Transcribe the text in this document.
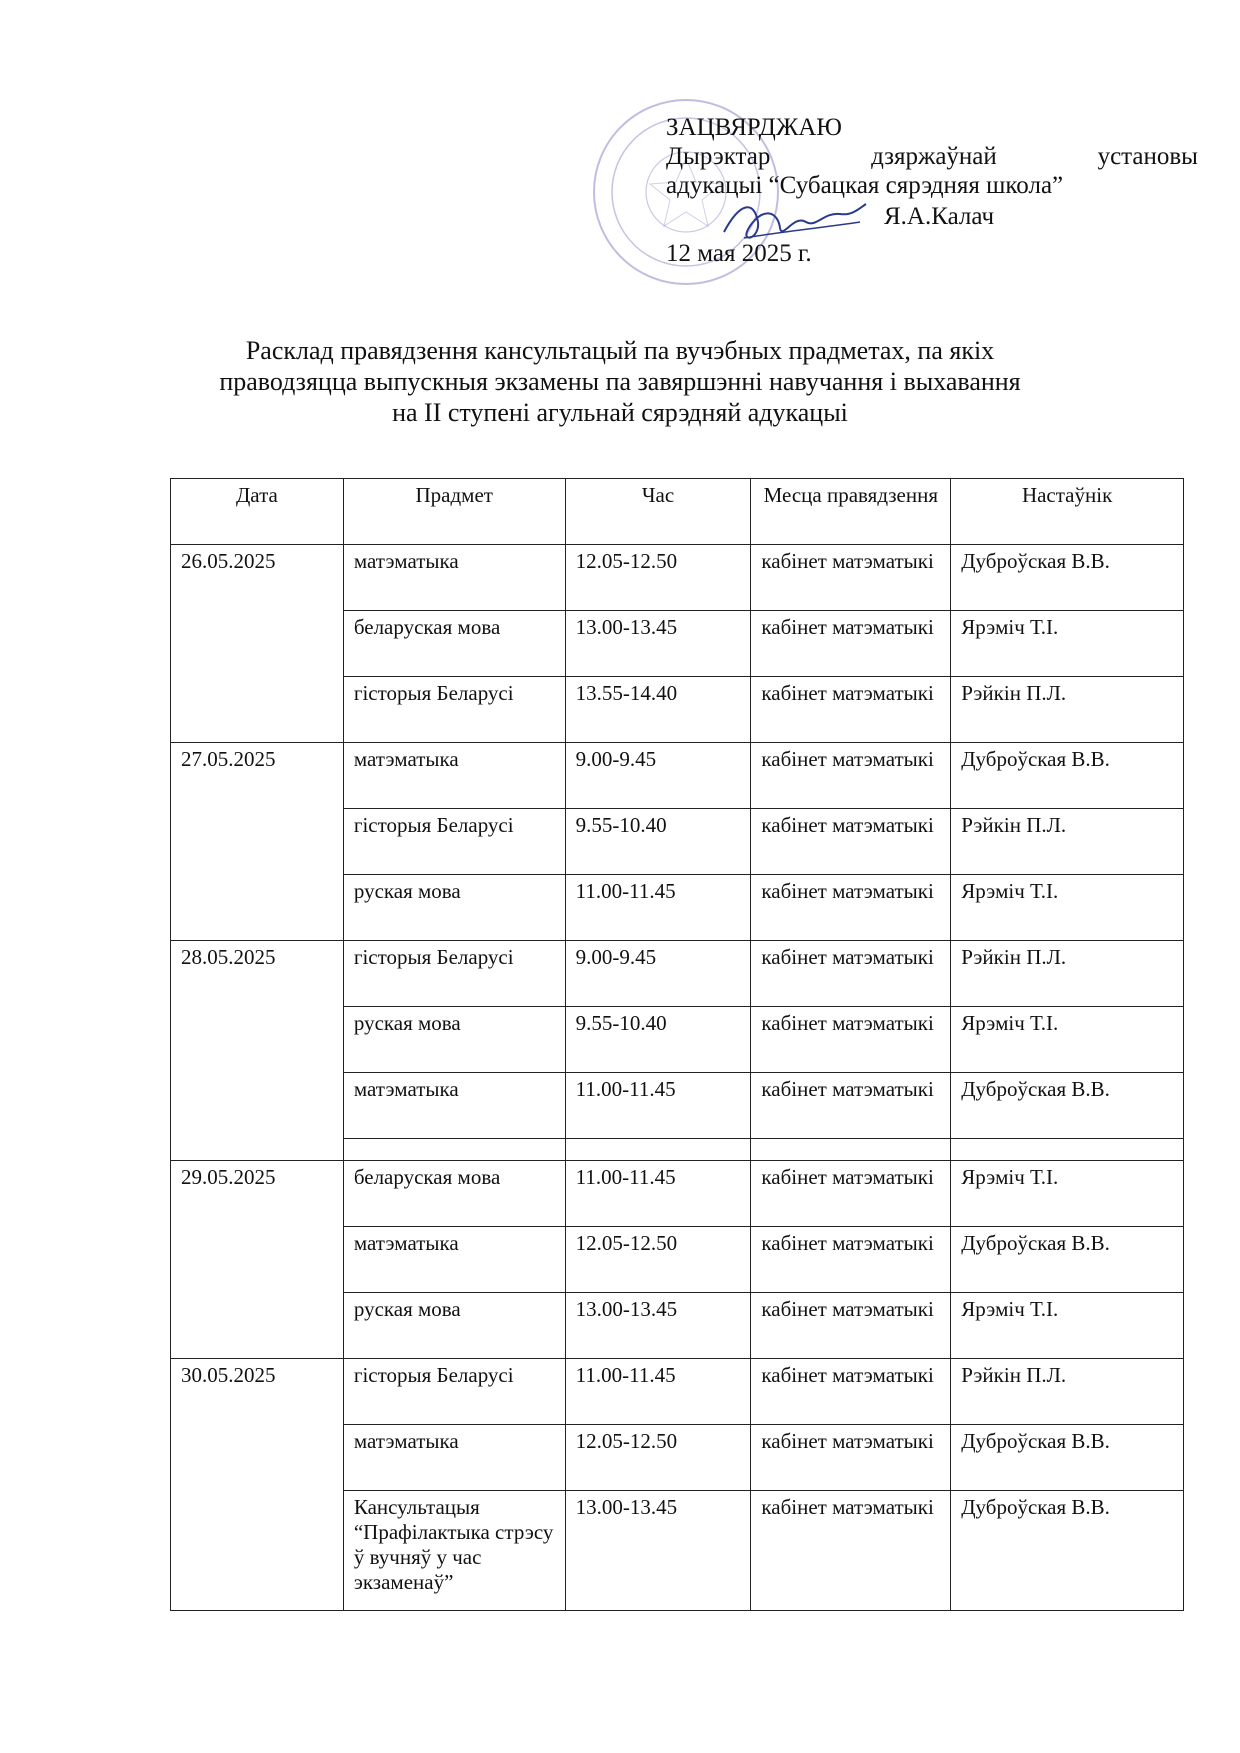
ЗАЦВЯРДЖАЮ
Дырэктар	дзяржаўнай	установы
адукацыі “Субацкая сярэдняя школа”
Я.А.Калач
12 мая 2025 г.
Расклад правядзення кансультацый па вучэбных прадметах, па якіх
праводзяцца выпускныя экзамены па завяршэнні навучання і выхавання
на II ступені агульнай сярэдняй адукацыі
Дата	Прадмет	Час	Месца правядзення	Настаўнік
26.05.2025	матэматыка	12.05-12.50	кабінет матэматыкі	Дуброўская В.В.
	беларуская мова	13.00-13.45	кабінет матэматыкі	Ярэміч Т.І.
	гісторыя Беларусі	13.55-14.40	кабінет матэматыкі	Рэйкін П.Л.
27.05.2025	матэматыка	9.00-9.45	кабінет матэматыкі	Дуброўская В.В.
	гісторыя Беларусі	9.55-10.40	кабінет матэматыкі	Рэйкін П.Л.
	руская мова	11.00-11.45	кабінет матэматыкі	Ярэміч Т.І.
28.05.2025	гісторыя Беларусі	9.00-9.45	кабінет матэматыкі	Рэйкін П.Л.
	руская мова	9.55-10.40	кабінет матэматыкі	Ярэміч Т.І.
	матэматыка	11.00-11.45	кабінет матэматыкі	Дуброўская В.В.

29.05.2025	беларуская мова	11.00-11.45	кабінет матэматыкі	Ярэміч Т.І.
	матэматыка	12.05-12.50	кабінет матэматыкі	Дуброўская В.В.
	руская мова	13.00-13.45	кабінет матэматыкі	Ярэміч Т.І.
30.05.2025	гісторыя Беларусі	11.00-11.45	кабінет матэматыкі	Рэйкін П.Л.
	матэматыка	12.05-12.50	кабінет матэматыкі	Дуброўская В.В.
	Кансультацыя “Прафілактыка стрэсу ў вучняў у час экзаменаў”	13.00-13.45	кабінет матэматыкі	Дуброўская В.В.
